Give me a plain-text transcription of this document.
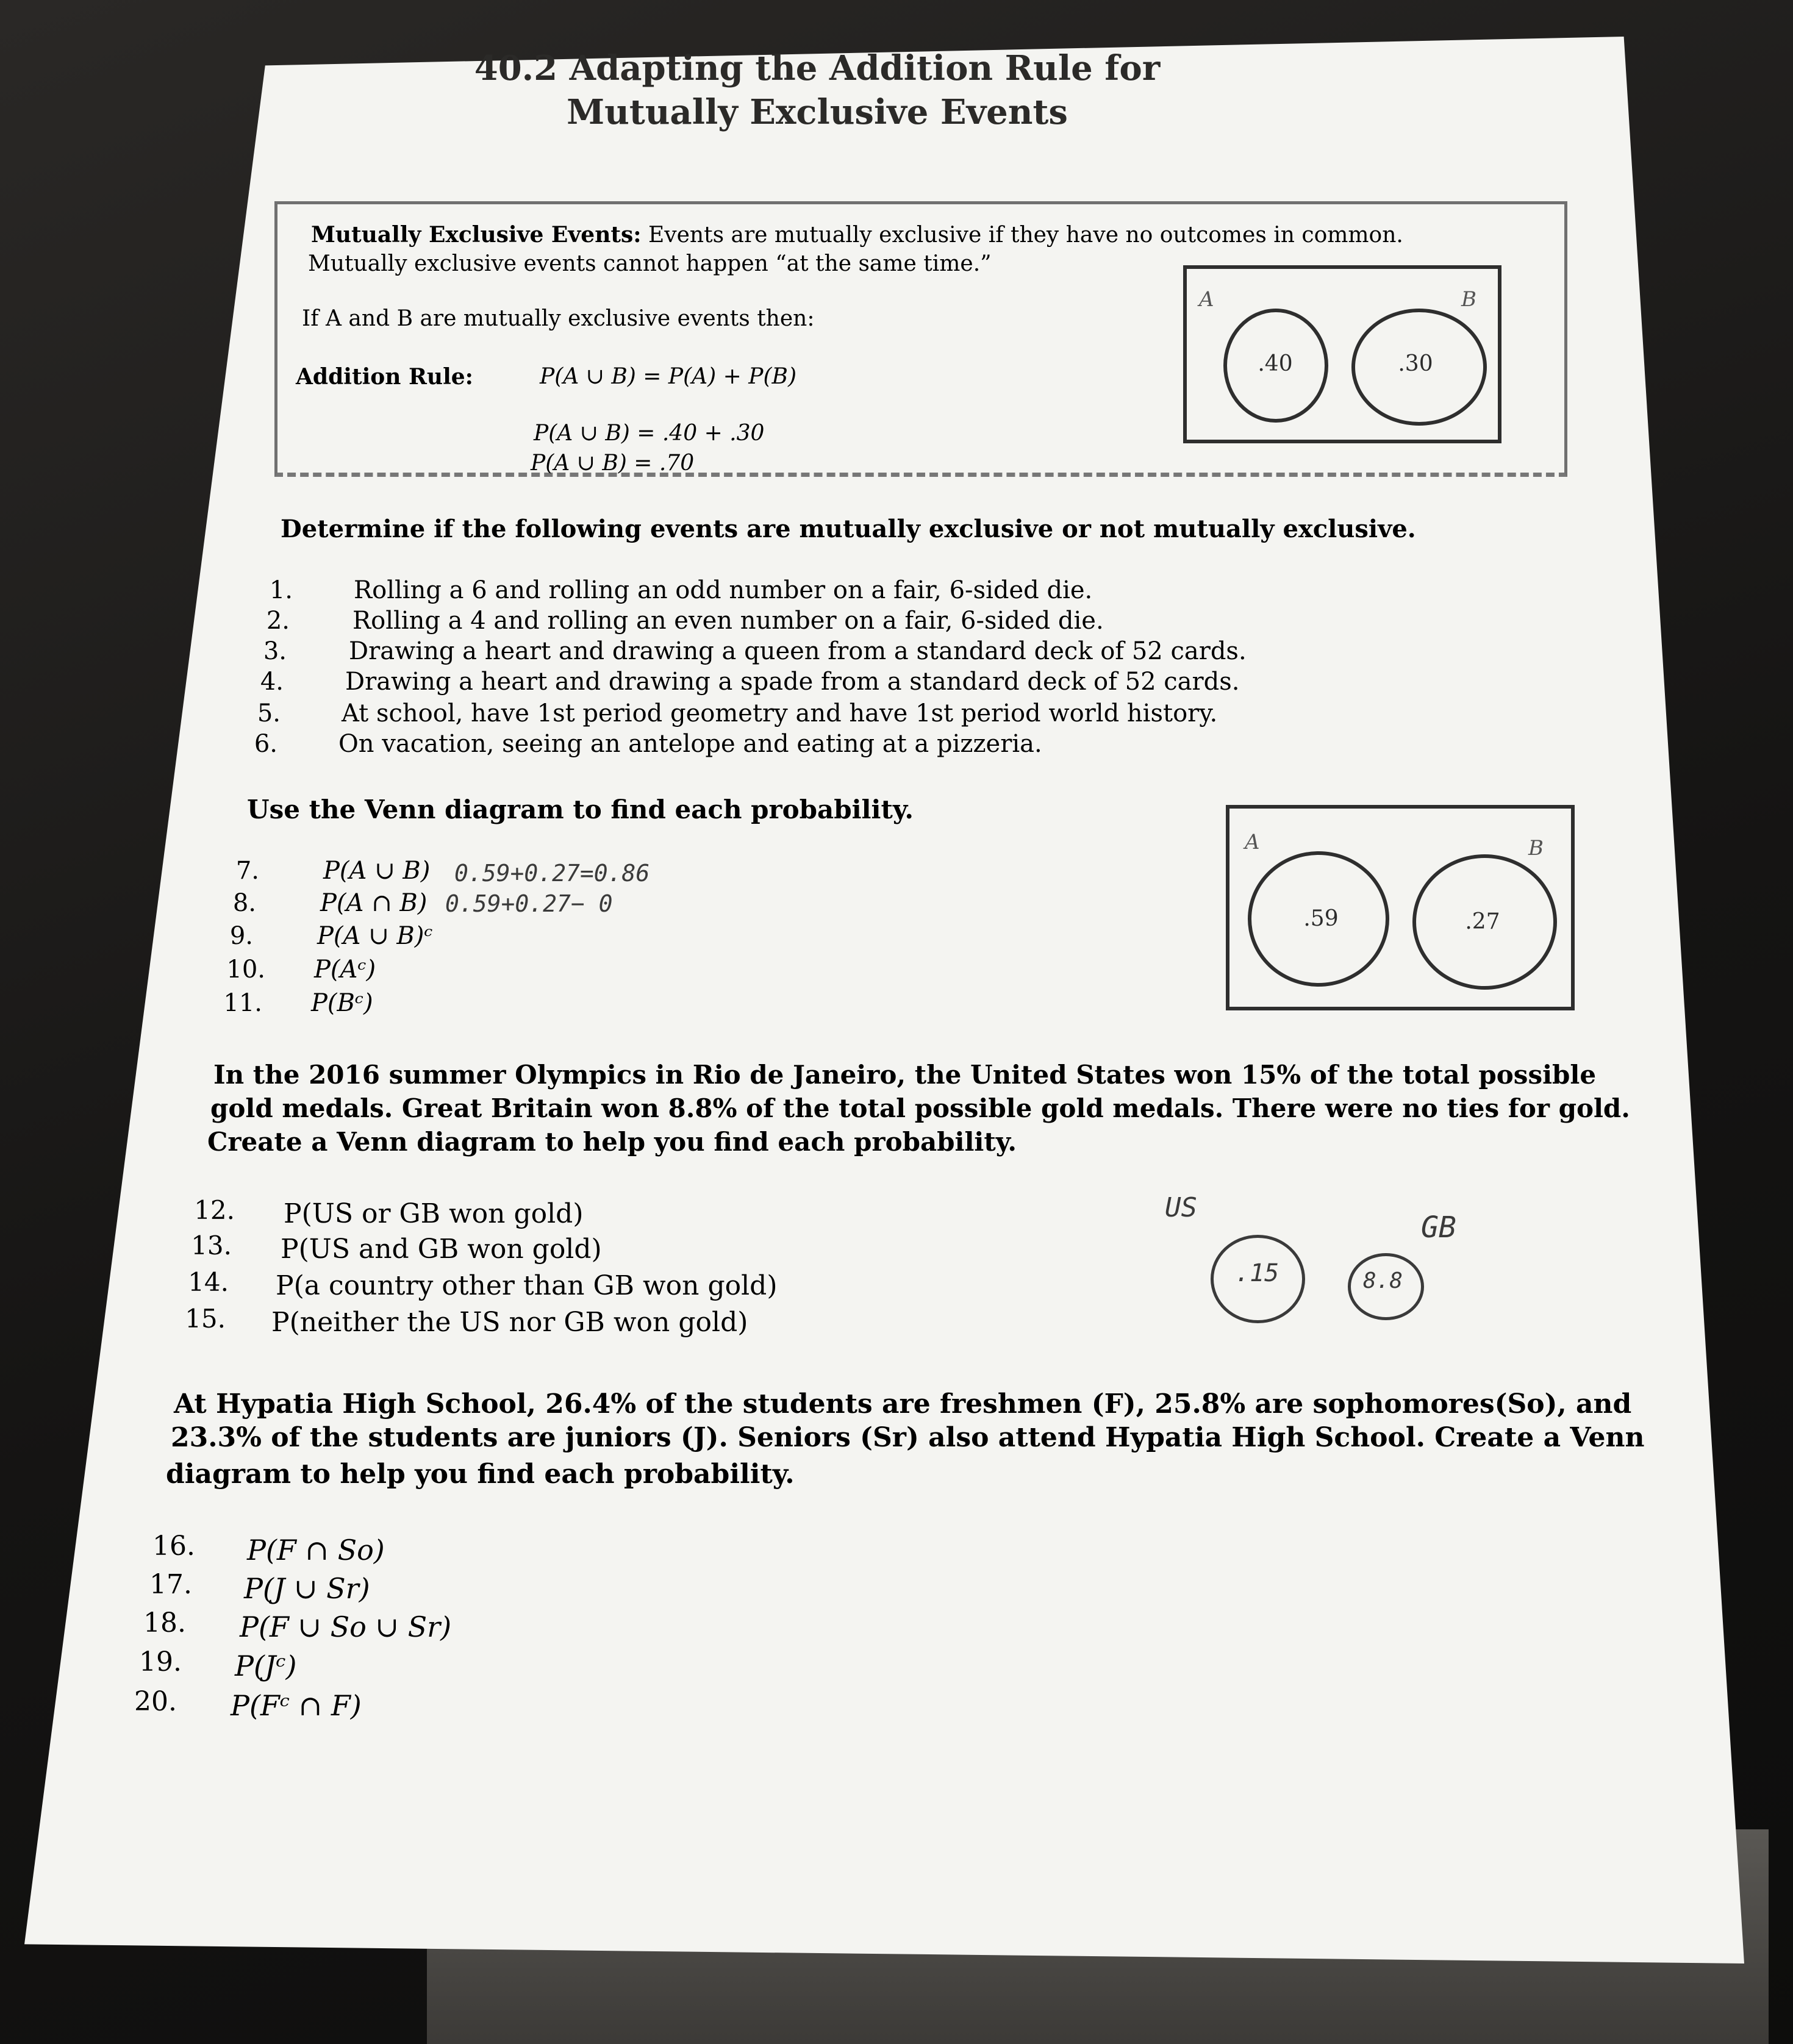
40.2 Adapting the Addition Rule for
Mutually Exclusive Events
Mutually Exclusive Events: Events are mutually exclusive if they have no outcomes in common.
Mutually exclusive events cannot happen “at the same time.”
If A and B are mutually exclusive events then:
Addition Rule:	P(A ∪ B) = P(A) + P(B)
P(A ∪ B) = .40 + .30
P(A ∪ B) = .70
A	B
.40	.30
Determine if the following events are mutually exclusive or not mutually exclusive.
1.	Rolling a 6 and rolling an odd number on a fair, 6-sided die.
2.	Rolling a 4 and rolling an even number on a fair, 6-sided die.
3.	Drawing a heart and drawing a queen from a standard deck of 52 cards.
4.	Drawing a heart and drawing a spade from a standard deck of 52 cards.
5.	At school, have 1st period geometry and have 1st period world history.
6.	On vacation, seeing an antelope and eating at a pizzeria.
Use the Venn diagram to find each probability.
7.	P(A ∪ B) 0.59+0.27=0.86
8.	P(A ∩ B) 0.59+0.27− 0
9.	P(A ∪ B)ᶜ
10. P(Aᶜ)
11. P(Bᶜ)
A	B
.59	.27
In the 2016 summer Olympics in Rio de Janeiro, the United States won 15% of the total possible
gold medals. Great Britain won 8.8% of the total possible gold medals. There were no ties for gold.
Create a Venn diagram to help you find each probability.
12. P(US or GB won gold)
13. P(US and GB won gold)
14. P(a country other than GB won gold)
15. P(neither the US nor GB won gold)
US
GB
.15	8.8
At Hypatia High School, 26.4% of the students are freshmen (F), 25.8% are sophomores(So), and
23.3% of the students are juniors (J). Seniors (Sr) also attend Hypatia High School. Create a Venn
diagram to help you find each probability.
16. P(F ∩ So)
17. P(J ∪ Sr)
18. P(F ∪ So ∪ Sr)
19. P(Jᶜ)
20. P(Fᶜ ∩ F)
